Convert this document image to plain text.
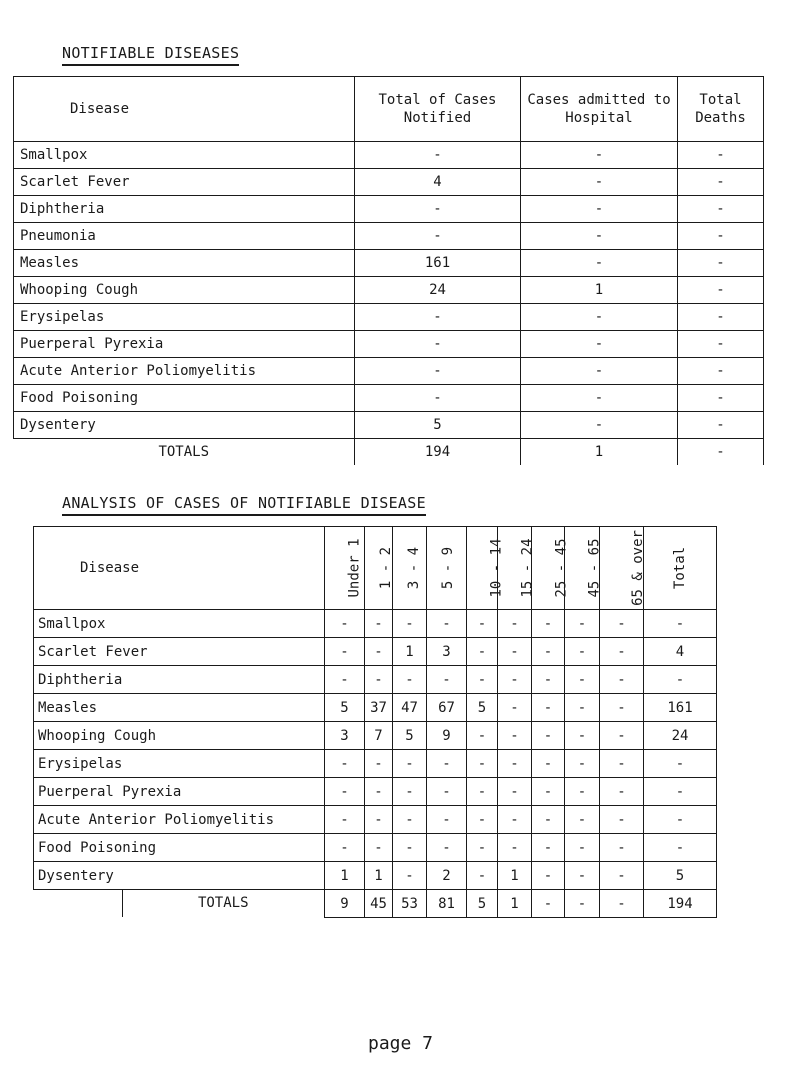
NOTIFIABLE DISEASES
Disease	Total of Cases Notified	Cases admitted to Hospital	Total Deaths
Smallpox	-	-	-
Scarlet Fever	4	-	-
Diphtheria	-	-	-
Pneumonia	-	-	-
Measles	161	-	-
Whooping Cough	24	1	-
Erysipelas	-	-	-
Puerperal Pyrexia	-	-	-
Acute Anterior Poliomyelitis	-	-	-
Food Poisoning	-	-	-
Dysentery	5	-	-
TOTALS	194	1	-
ANALYSIS OF CASES OF NOTIFIABLE DISEASE
Disease	Under 1	1 - 2	3 - 4	5 - 9	10 - 14	15 - 24	25 - 45	45 - 65	65 & over	Total
Smallpox	-	-	-	-	-	-	-	-	-	-
Scarlet Fever	-	-	1	3	-	-	-	-	-	4
Diphtheria	-	-	-	-	-	-	-	-	-	-
Measles	5	37	47	67	5	-	-	-	-	161
Whooping Cough	3	7	5	9	-	-	-	-	-	24
Erysipelas	-	-	-	-	-	-	-	-	-	-
Puerperal Pyrexia	-	-	-	-	-	-	-	-	-	-
Acute Anterior Poliomyelitis	-	-	-	-	-	-	-	-	-	-
Food Poisoning	-	-	-	-	-	-	-	-	-	-
Dysentery	1	1	-	2	-	1	-	-	-	5

TOTALS	9	45	53	81	5	1	-	-	-	194
page 7
